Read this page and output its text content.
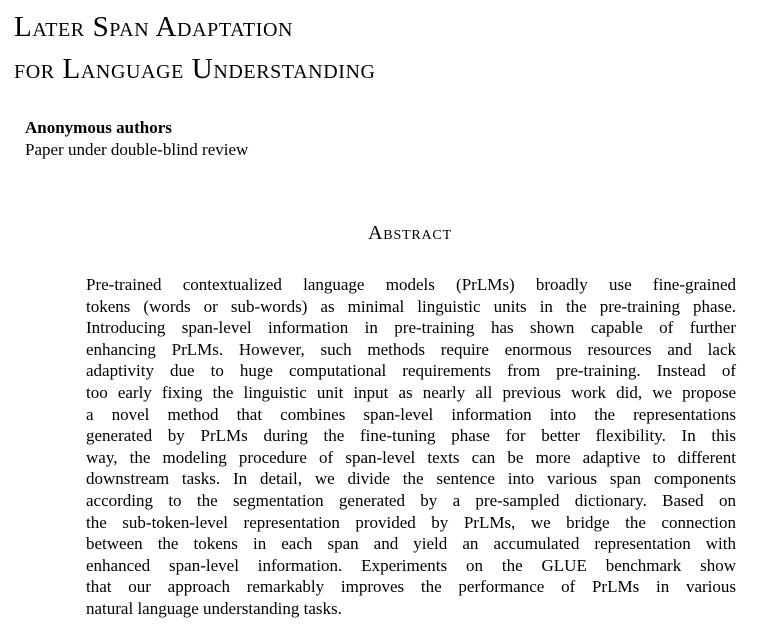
Later Span Adaptation
for Language Understanding
Anonymous authors
Paper under double-blind review
Abstract
Pre-trained contextualized language models (PrLMs) broadly use fine-grained
tokens (words or sub-words) as minimal linguistic units in the pre-training phase.
Introducing span-level information in pre-training has shown capable of further
enhancing PrLMs. However, such methods require enormous resources and lack
adaptivity due to huge computational requirements from pre-training. Instead of
too early fixing the linguistic unit input as nearly all previous work did, we propose
a novel method that combines span-level information into the representations
generated by PrLMs during the fine-tuning phase for better flexibility. In this
way, the modeling procedure of span-level texts can be more adaptive to different
downstream tasks. In detail, we divide the sentence into various span components
according to the segmentation generated by a pre-sampled dictionary. Based on
the sub-token-level representation provided by PrLMs, we bridge the connection
between the tokens in each span and yield an accumulated representation with
enhanced span-level information. Experiments on the GLUE benchmark show
that our approach remarkably improves the performance of PrLMs in various
natural language understanding tasks.
